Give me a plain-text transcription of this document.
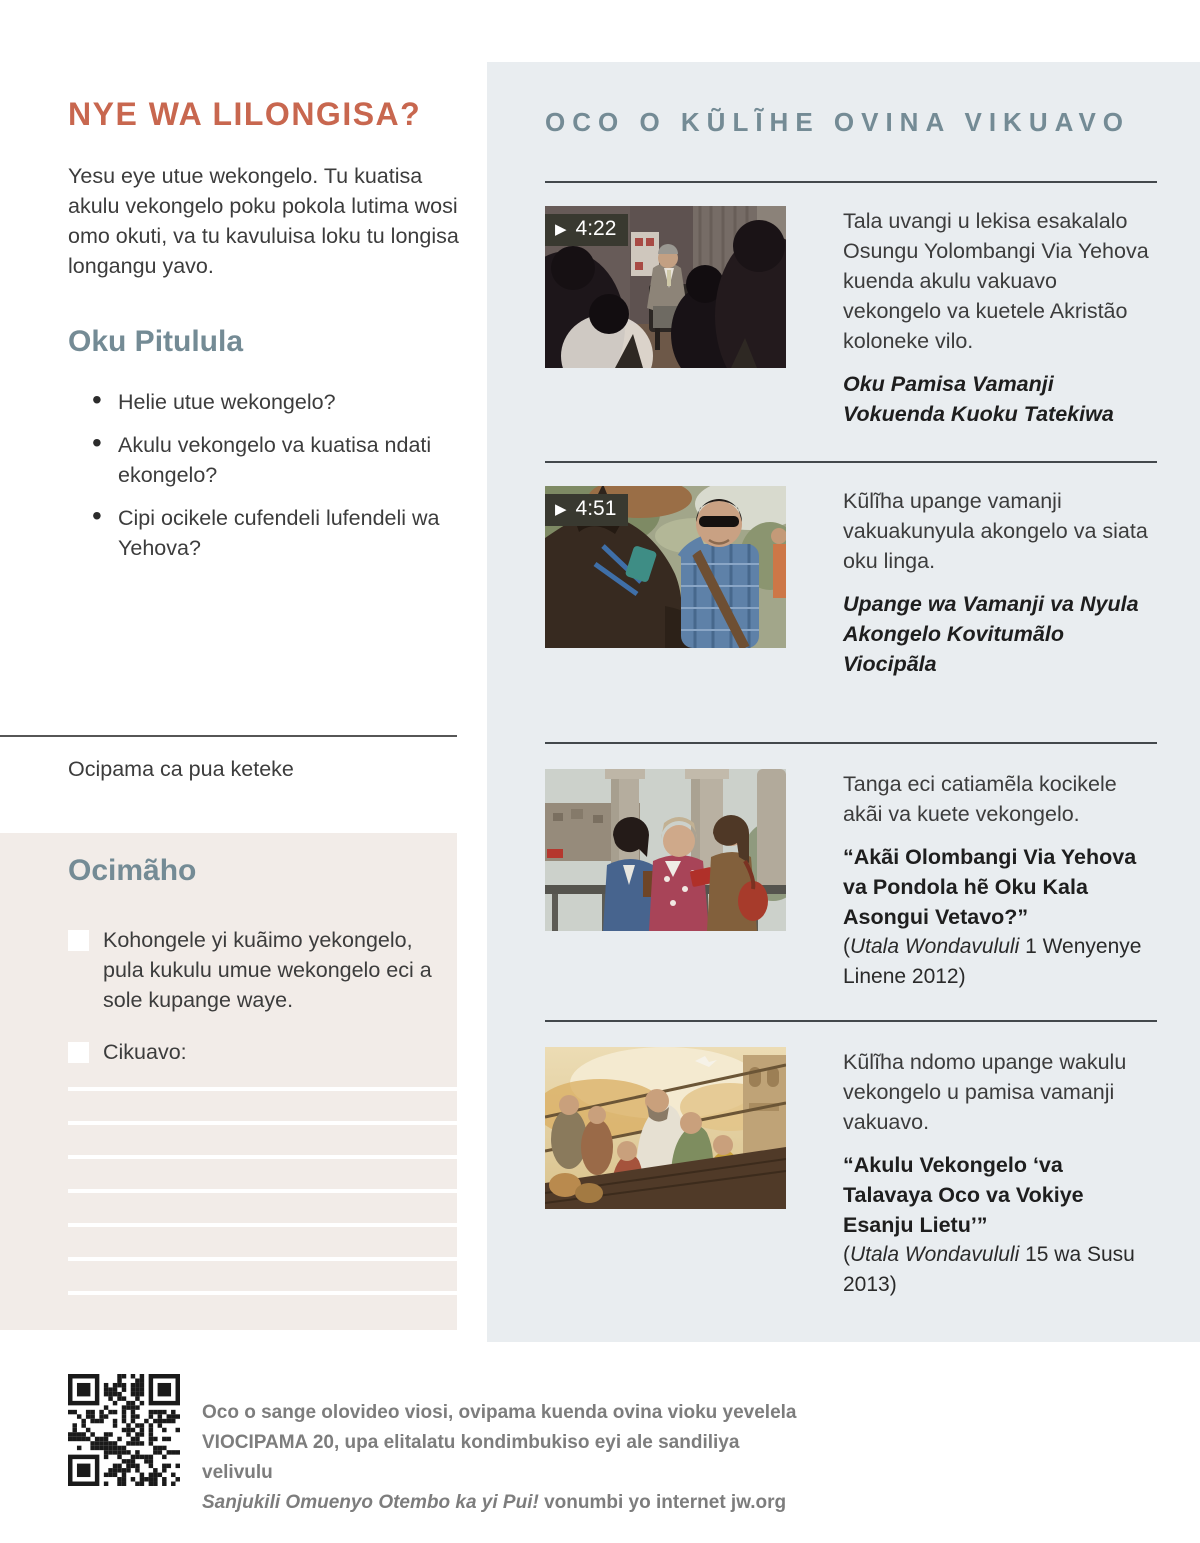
NYE WA LILONGISA?

Yesu eye utue wekongelo. Tu kuatisa akulu vekongelo poku pokola lutima wosi omo okuti, va tu kavuluisa loku tu longisa longangu yavo.

Oku Pitulula
• Helie utue wekongelo?
• Akulu vekongelo va kuatisa ndati ekongelo?
• Cipi ocikele cufendeli lufendeli wa Yehova?
Ocipama ca pua keteke
Ocimãho
Kohongele yi kuãimo yekongelo, pula kukulu umue wekongelo eci a sole kupange waye.
Cikuavo:
OCO O KŨLĨHE OVINA VIKUAVO
▶ 4:22	Tala uvangi u lekisa esakalalo Osungu Yolombangi Via Yehova kuenda akulu vakuavo vekongelo va kuetele Akristão koloneke vilo.

Oku Pamisa Vamanji Vokuenda Kuoku Tatekiwa

▶ 4:51	Kũlĩha upange vamanji vakuakunyula akongelo va siata oku linga.

Upange wa Vamanji va Nyula Akongelo Kovitumãlo Viocipãla

Tanga eci catiamẽla kocikele akãi va kuete vekongelo.

“Akãi Olombangi Via Yehova va Pondola hẽ Oku Kala Asongui Vetavo?”

(Utala Wondavululi 1 Wenyenye Linene 2012)

Kũlĩha ndomo upange wakulu vekongelo u pamisa vamanji vakuavo.

“Akulu Vekongelo ‘va Talavaya Oco va Vokiye Esanju Lietu’”

(Utala Wondavululi 15 wa Susu 2013)

Oco o sange olovideo viosi, ovipama kuenda ovina vioku yevelela
VIOCIPAMA 20, upa elitalatu kondimbukiso eyi ale sandiliya velivulu
Sanjukili Omuenyo Otembo ka yi Pui! vonumbi yo internet jw.org
